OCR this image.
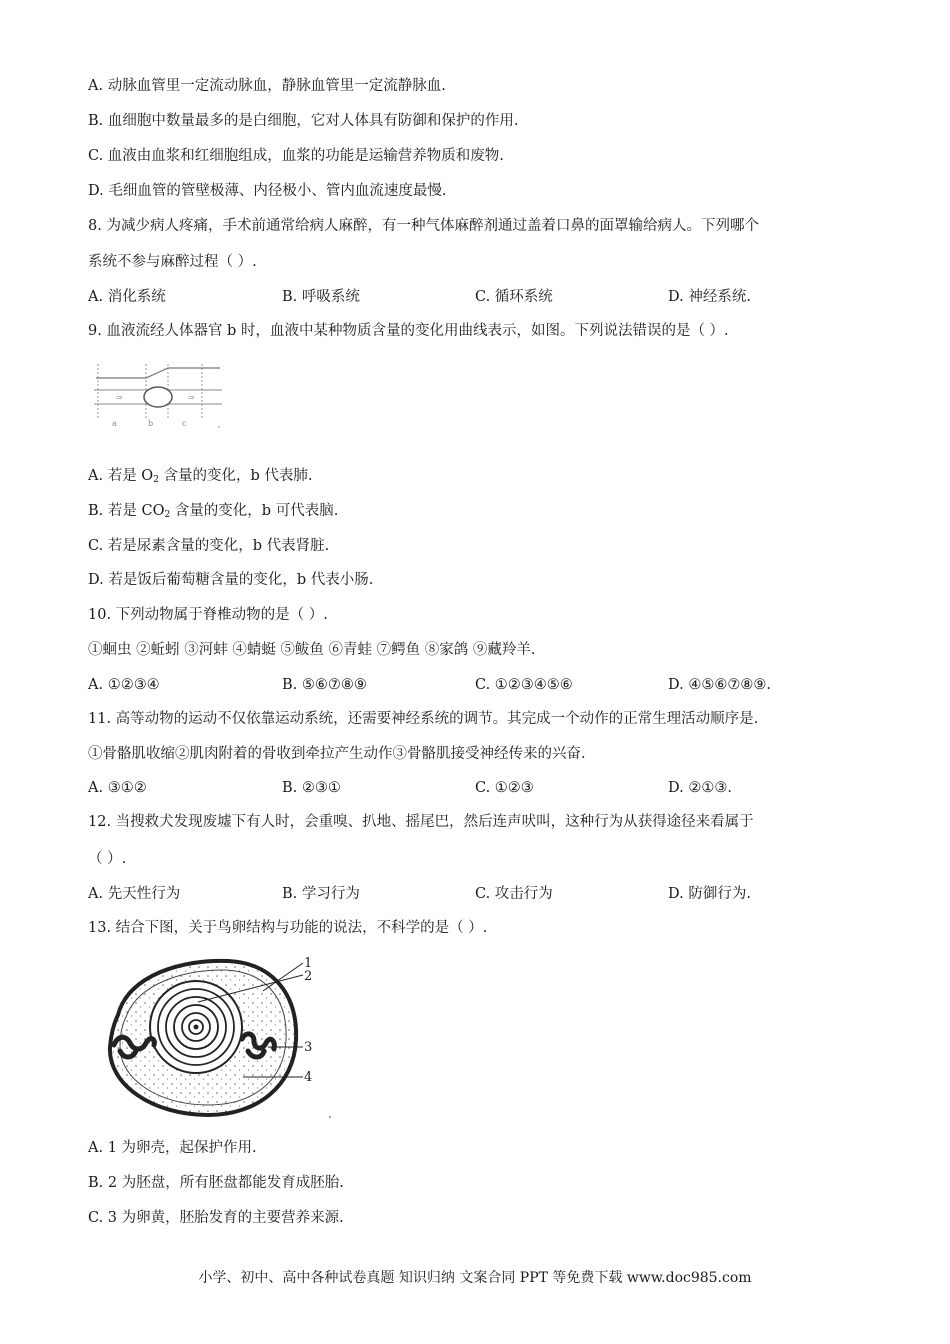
A. 动脉血管里一定流动脉血，静脉血管里一定流静脉血.
B. 血细胞中数量最多的是白细胞，它对人体具有防御和保护的作用.
C. 血液由血浆和红细胞组成，血浆的功能是运输营养物质和废物.
D. 毛细血管的管壁极薄、内径极小、管内血流速度最慢.
8. 为减少病人疼痛，手术前通常给病人麻醉，有一种气体麻醉剂通过盖着口鼻的面罩输给病人。下列哪个
系统不参与麻醉过程（ ）.
A. 消化系统	B. 呼吸系统	C. 循环系统	D. 神经系统.
9. 血液流经人体器官 b 时，血液中某种物质含量的变化用曲线表示，如图。下列说法错误的是（ ）.
⇨	⇨
a	b	c
A. 若是 $O_2$ 含量的变化，b 代表肺.
B. 若是 $CO_2$ 含量的变化，b 可代表脑.
C. 若是尿素含量的变化，b 代表肾脏.
D. 若是饭后葡萄糖含量的变化，b 代表小肠.
10. 下列动物属于脊椎动物的是（ ）.
①蛔虫 ②蚯蚓 ③河蚌 ④蜻蜓 ⑤鲅鱼 ⑥青蛙 ⑦鳄鱼 ⑧家鸽 ⑨藏羚羊.
A. ①②③④	B. ⑤⑥⑦⑧⑨	C. ①②③④⑤⑥	D. ④⑤⑥⑦⑧⑨.
11. 高等动物的运动不仅依靠运动系统，还需要神经系统的调节。其完成一个动作的正常生理活动顺序是.
①骨骼肌收缩②肌肉附着的骨收到牵拉产生动作③骨骼肌接受神经传来的兴奋.
A. ③①②	B. ②③①	C. ①②③	D. ②①③.
12. 当搜救犬发现废墟下有人时，会重嗅、扒地、摇尾巴，然后连声吠叫，这种行为从获得途径来看属于
（ ）.
A. 先天性行为	B. 学习行为	C. 攻击行为	D. 防御行为.
13. 结合下图，关于鸟卵结构与功能的说法，不科学的是（ ）.
1
2
3
4
A. 1 为卵壳，起保护作用.
B. 2 为胚盘，所有胚盘都能发育成胚胎.
C. 3 为卵黄，胚胎发育的主要营养来源.
小学、初中、高中各种试卷真题 知识归纳 文案合同 PPT 等免费下载 www.doc985.com
